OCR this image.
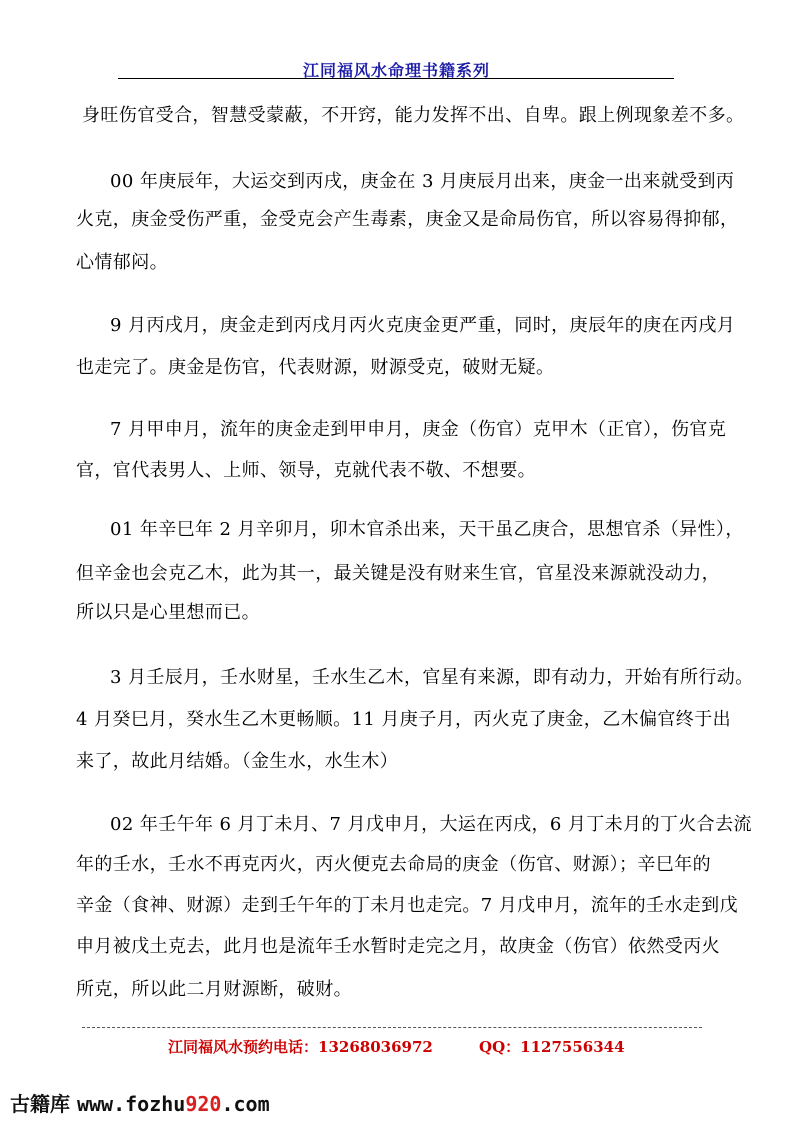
江同福风水命理书籍系列
身旺伤官受合，智慧受蒙蔽，不开窍，能力发挥不出、自卑。跟上例现象差不多。
00 年庚辰年，大运交到丙戌，庚金在 3 月庚辰月出来，庚金一出来就受到丙
火克，庚金受伤严重，金受克会产生毒素，庚金又是命局伤官，所以容易得抑郁，
心情郁闷。
9 月丙戌月，庚金走到丙戌月丙火克庚金更严重，同时，庚辰年的庚在丙戌月
也走完了。庚金是伤官，代表财源，财源受克，破财无疑。
7 月甲申月，流年的庚金走到甲申月，庚金（伤官）克甲木（正官），伤官克
官，官代表男人、上师、领导，克就代表不敬、不想要。
01 年辛巳年 2 月辛卯月，卯木官杀出来，天干虽乙庚合，思想官杀（异性），
但辛金也会克乙木，此为其一，最关键是没有财来生官，官星没来源就没动力，
所以只是心里想而已。
3 月壬辰月，壬水财星，壬水生乙木，官星有来源，即有动力，开始有所行动。
4 月癸巳月，癸水生乙木更畅顺。11 月庚子月，丙火克了庚金，乙木偏官终于出
来了，故此月结婚。（金生水，水生木）
02 年壬午年 6 月丁未月、7 月戊申月，大运在丙戌，6 月丁未月的丁火合去流
年的壬水，壬水不再克丙火，丙火便克去命局的庚金（伤官、财源）；辛巳年的
辛金（食神、财源）走到壬午年的丁未月也走完。7 月戊申月，流年的壬水走到戊
申月被戊土克去，此月也是流年壬水暂时走完之月，故庚金（伤官）依然受丙火
所克，所以此二月财源断，破财。
江同福风水预约电话：13268036972	QQ：1127556344
古籍库 www.fozhu920.com
